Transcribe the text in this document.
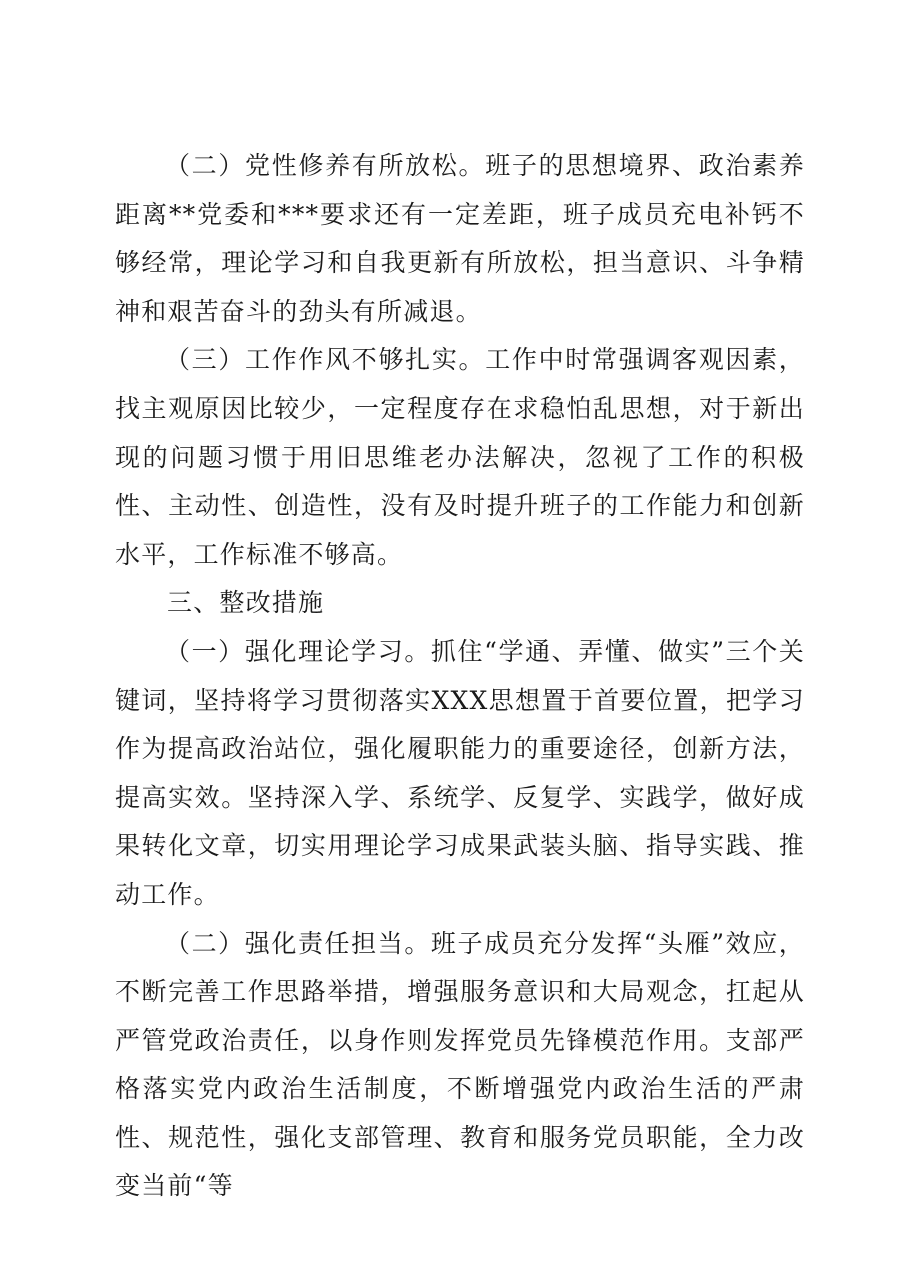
（二）党性修养有所放松。班子的思想境界、政治素养距离**党委和***要求还有一定差距，班子成员充电补钙不够经常，理论学习和自我更新有所放松，担当意识、斗争精神和艰苦奋斗的劲头有所减退。

（三）工作作风不够扎实。工作中时常强调客观因素，找主观原因比较少，一定程度存在求稳怕乱思想，对于新出现的问题习惯于用旧思维老办法解决，忽视了工作的积极性、主动性、创造性，没有及时提升班子的工作能力和创新水平，工作标准不够高。

三、整改措施

（一）强化理论学习。抓住“学通、弄懂、做实”三个关键词，坚持将学习贯彻落实XXX思想置于首要位置，把学习作为提高政治站位，强化履职能力的重要途径，创新方法，提高实效。坚持深入学、系统学、反复学、实践学，做好成果转化文章，切实用理论学习成果武装头脑、指导实践、推动工作。

（二）强化责任担当。班子成员充分发挥“头雁”效应，不断完善工作思路举措，增强服务意识和大局观念，扛起从严管党政治责任，以身作则发挥党员先锋模范作用。支部严格落实党内政治生活制度，不断增强党内政治生活的严肃性、规范性，强化支部管理、教育和服务党员职能，全力改变当前“等
